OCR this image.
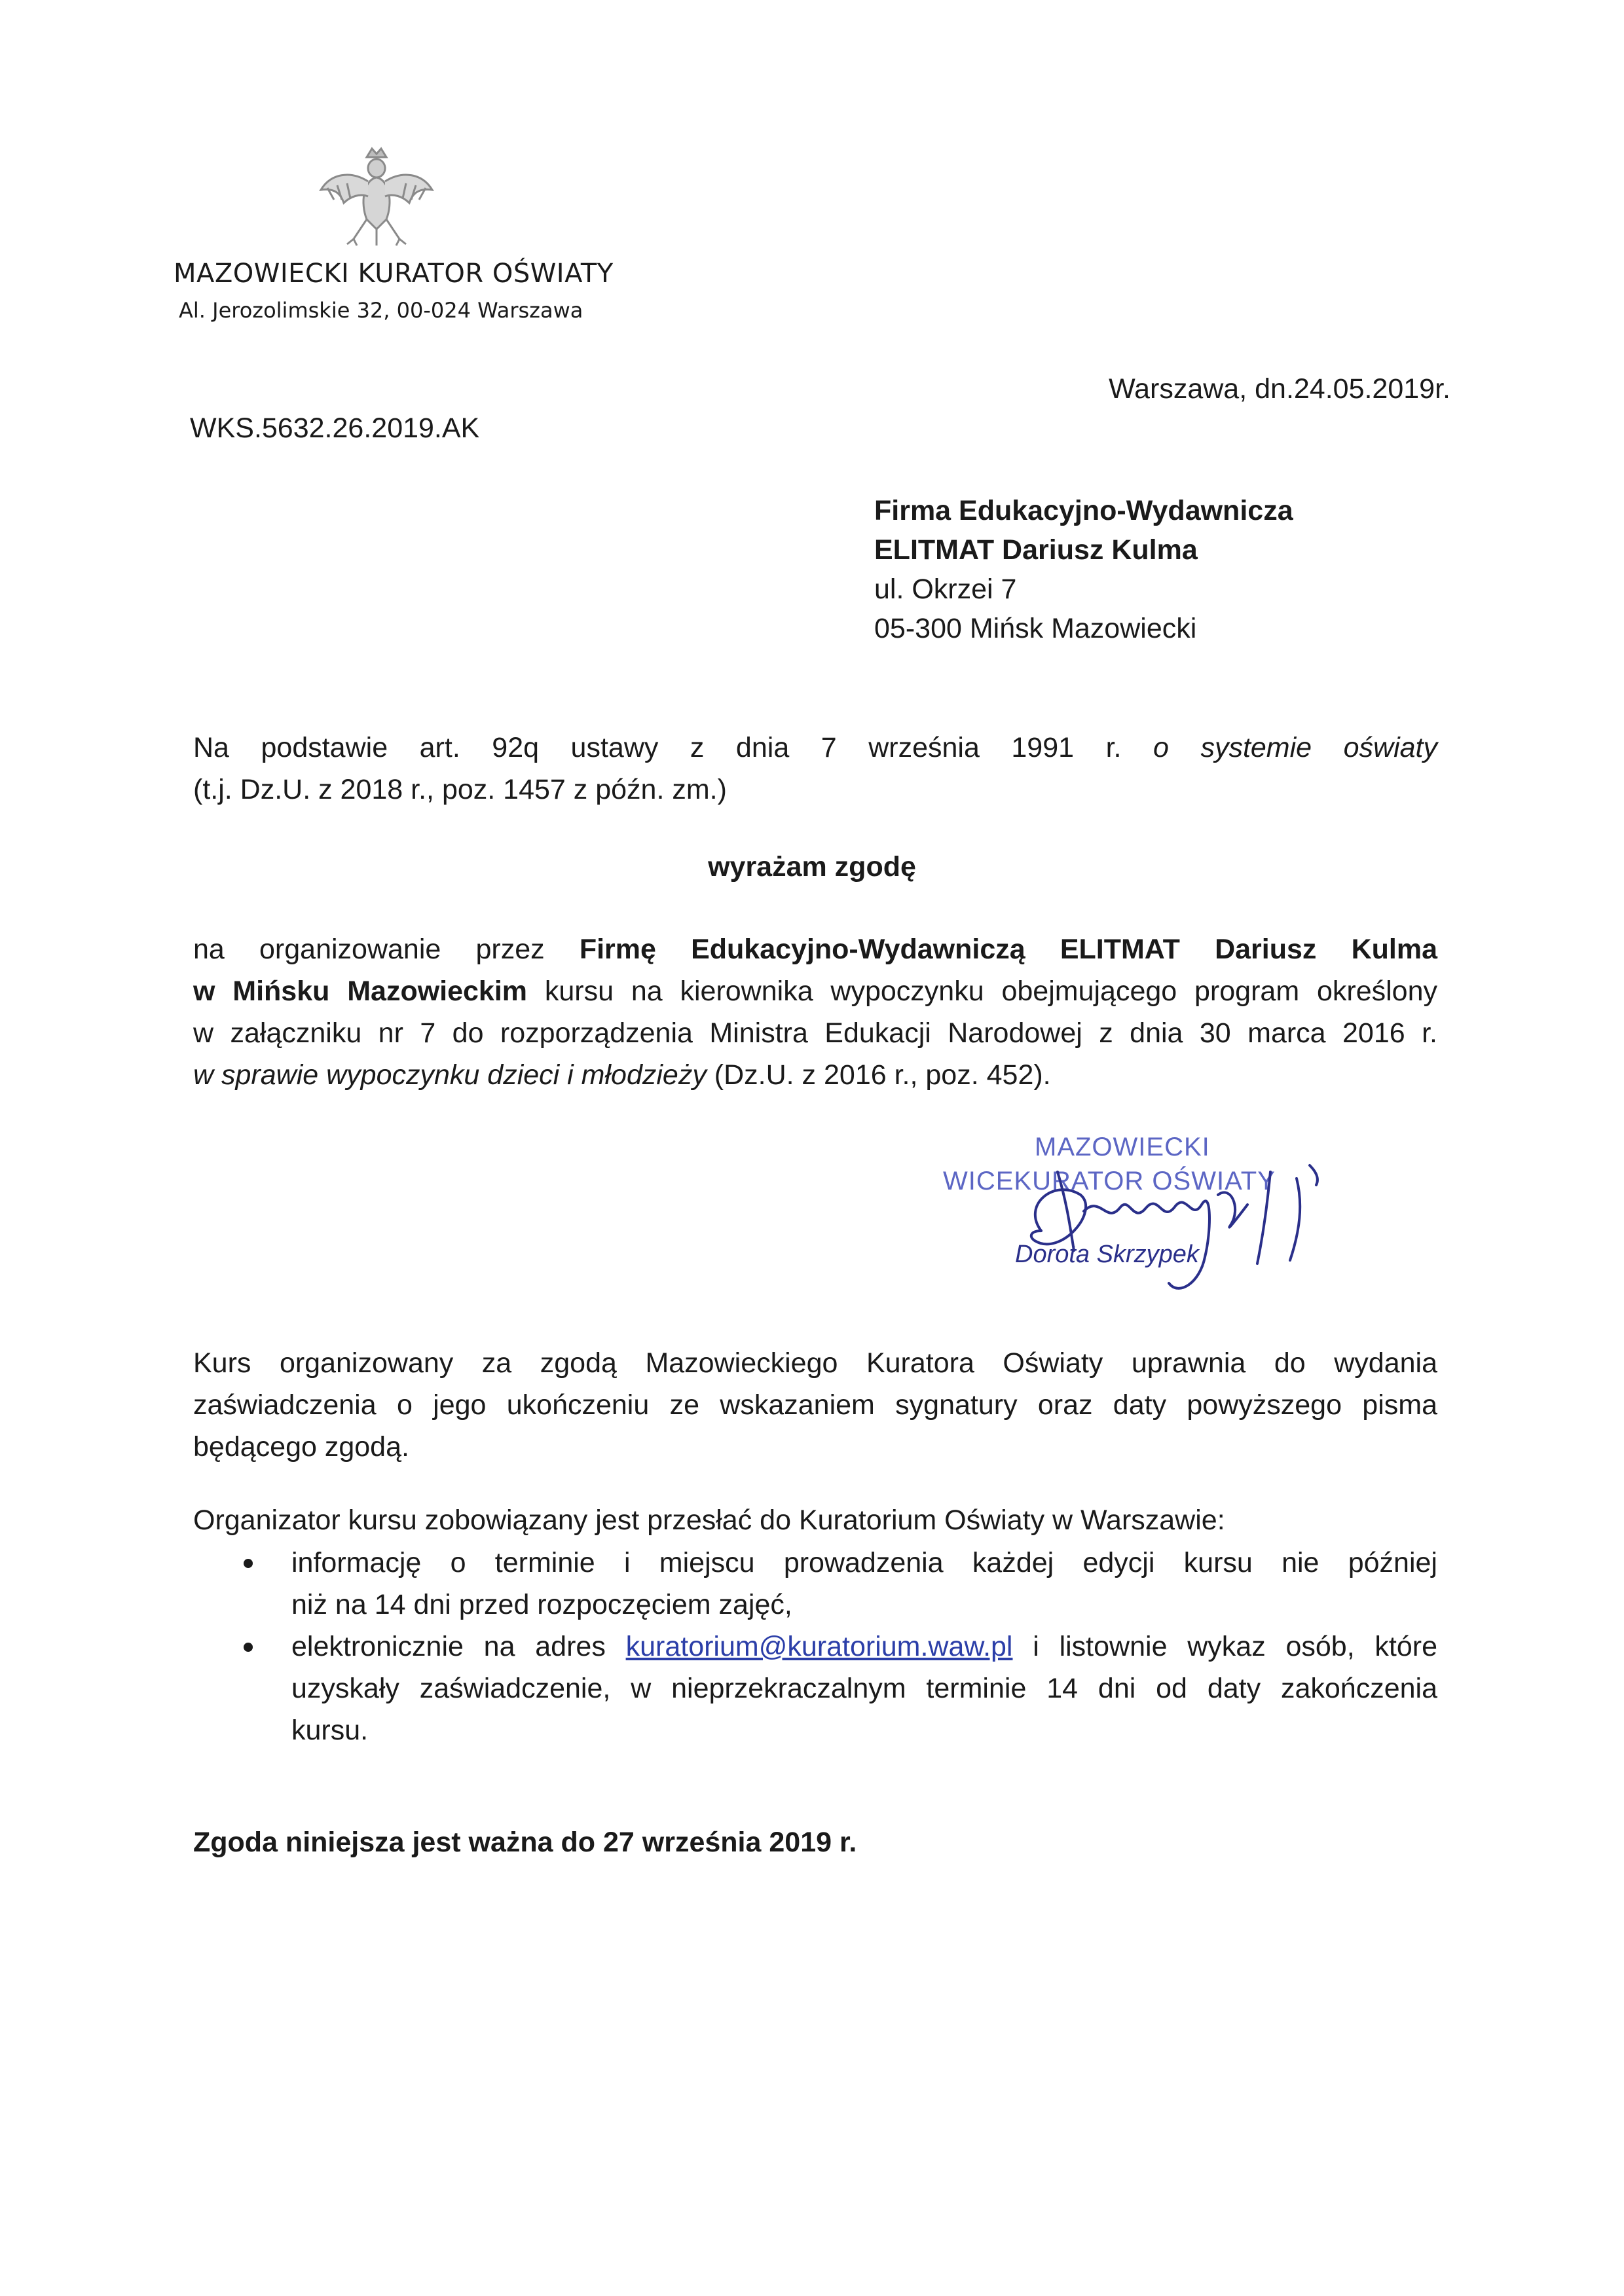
MAZOWIECKI KURATOR OŚWIATY
Al. Jerozolimskie 32, 00-024 Warszawa
Warszawa, dn.24.05.2019r.
WKS.5632.26.2019.AK
Firma Edukacyjno-Wydawnicza
ELITMAT Dariusz Kulma
ul. Okrzei 7
05-300 Mińsk Mazowiecki
Na podstawie art. 92q ustawy z dnia 7 września 1991 r. o systemie oświaty
(t.j. Dz.U. z 2018 r., poz. 1457 z późn. zm.)
wyrażam zgodę
na organizowanie przez Firmę Edukacyjno-Wydawniczą ELITMAT Dariusz Kulma
w Mińsku Mazowieckim kursu na kierownika wypoczynku obejmującego program określony
w załączniku nr 7 do rozporządzenia Ministra Edukacji Narodowej z dnia 30 marca 2016 r.
w sprawie wypoczynku dzieci i młodzieży (Dz.U. z 2016 r., poz. 452).
MAZOWIECKI
WICEKURATOR OŚWIATY
Dorota Skrzypek
Kurs organizowany za zgodą Mazowieckiego Kuratora Oświaty uprawnia do wydania
zaświadczenia o jego ukończeniu ze wskazaniem sygnatury oraz daty powyższego pisma
będącego zgodą.
Organizator kursu zobowiązany jest przesłać do Kuratorium Oświaty w Warszawie:
informację o terminie i miejscu prowadzenia każdej edycji kursu nie później
niż na 14 dni przed rozpoczęciem zajęć,
elektronicznie na adres kuratorium@kuratorium.waw.pl i listownie wykaz osób, które
uzyskały zaświadczenie, w nieprzekraczalnym terminie 14 dni od daty zakończenia
kursu.
Zgoda niniejsza jest ważna do 27 września 2019 r.
